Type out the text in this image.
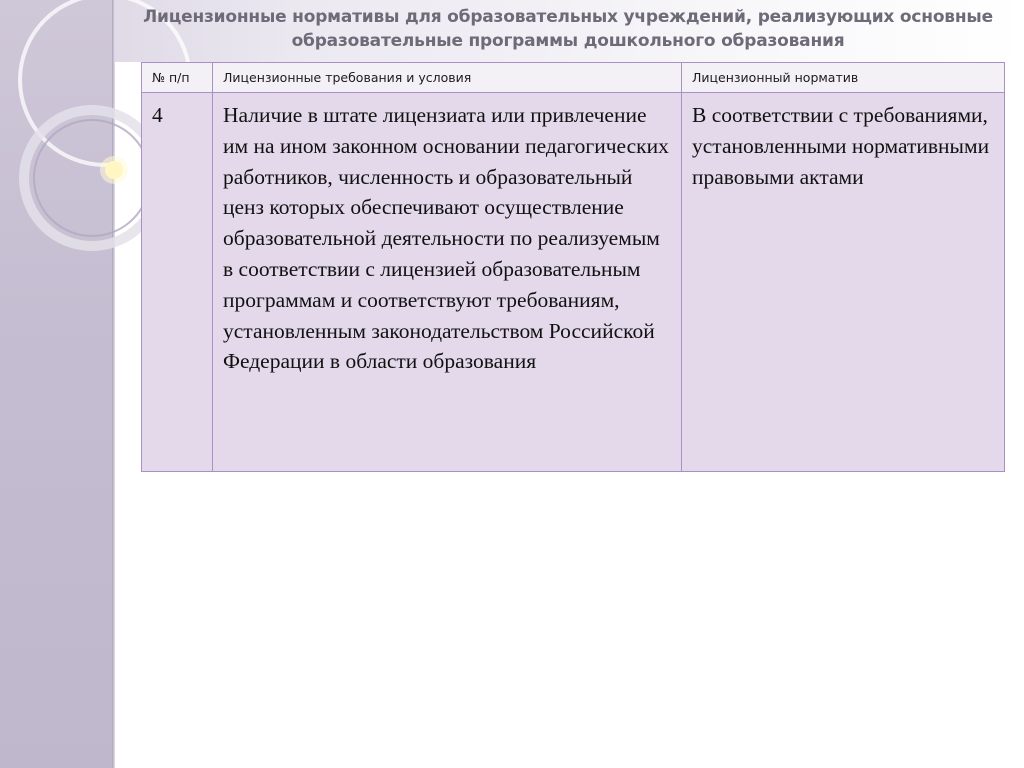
Лицензионные нормативы для образовательных учреждений, реализующих основные
образовательные программы дошкольного образования
№ п/п	Лицензионные требования и условия	Лицензионный норматив
4	Наличие в штате лицензиата или привлечение им на ином законном основании педагогических работников, численность и образовательный ценз которых обеспечивают осуществление образовательной деятельности по реализуемым в соответствии с лицензией образовательным программам и соответствуют требованиям, установленным законодательством Российской Федерации в области образования	В соответствии с требованиями, установленными нормативными правовыми актами
